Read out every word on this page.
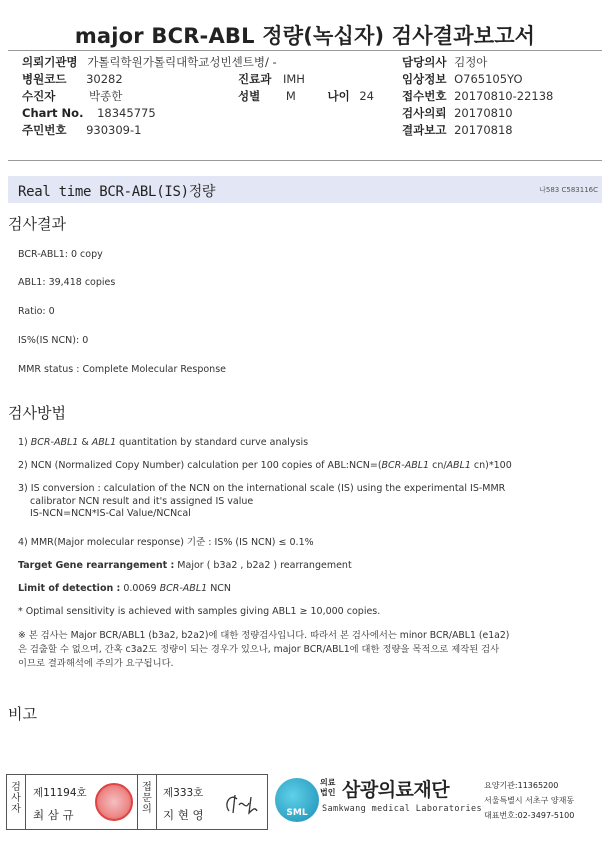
major BCR-ABL 정량(녹십자) 검사결과보고서
의뢰기관명 가톨릭학원가톨릭대학교성빈센트병/ -
병원코드 30282
수진자	박종한
Chart No. 18345775
주민번호 930309-1
진료과 IMH
성별 M	나이 24
담당의사 김정아
임상정보 O765105YO
접수번호 20170810-22138
검사의뢰 20170810
결과보고 20170818
Real time BCR-ABL(IS)정량	나583 C583116C
검사결과
BCR-ABL1: 0 copy
ABL1: 39,418 copies
Ratio: 0
IS%(IS NCN): 0
MMR status : Complete Molecular Response
검사방법
1) BCR-ABL1 & ABL1 quantitation by standard curve analysis
2) NCN (Normalized Copy Number) calculation per 100 copies of ABL:NCN=(BCR-ABL1 cn/ABL1 cn)*100
3) IS conversion : calculation of the NCN on the international scale (IS) using the experimental IS-MMR
calibrator NCN result and it's assigned IS value
IS-NCN=NCN*IS-Cal Value/NCNcal
4) MMR(Major molecular response) 기준 : IS% (IS NCN) ≤ 0.1%
Target Gene rearrangement : Major ( b3a2 , b2a2 ) rearrangement
Limit of detection : 0.0069 BCR-ABL1 NCN
* Optimal sensitivity is achieved with samples giving ABL1 ≥ 10,000 copies.
※ 본 검사는 Major BCR/ABL1 (b3a2, b2a2)에 대한 정량검사입니다. 따라서 본 검사에서는 minor BCR/ABL1 (e1a2)
은 검출할 수 없으며, 간혹 c3a2도 정량이 되는 경우가 있으나, major BCR/ABL1에 대한 정량을 목적으로 제작된 검사
이므로 결과해석에 주의가 요구됩니다.
비고
검
사
자
제11194호
최 삼 규
접
문
의
제333호
지 현 영	SML
의료
법인 삼광의료재단
Samkwang medical Laboratories
요양기관:11365200
서울특별시 서초구 양재동
대표번호:02-3497-5100
